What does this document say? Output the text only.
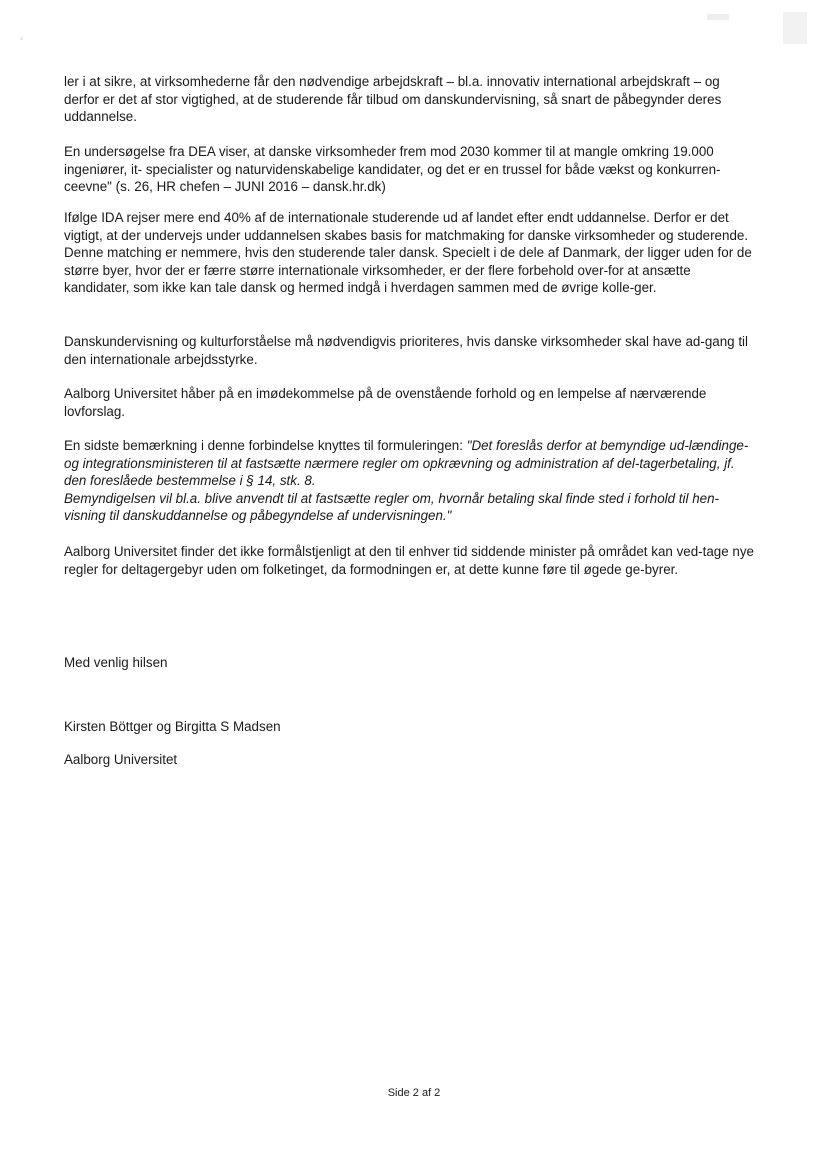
ler i at sikre, at virksomhederne får den nødvendige arbejdskraft – bl.a. innovativ international arbejdskraft – og derfor er det af stor vigtighed, at de studerende får tilbud om danskundervisning, så snart de påbegynder deres uddannelse.

En undersøgelse fra DEA viser, at danske virksomheder frem mod 2030 kommer til at mangle omkring 19.000 ingeniører, it- specialister og naturvidenskabelige kandidater, og det er en trussel for både vækst og konkurren-ceevne" (s. 26, HR chefen – JUNI 2016 – dansk.hr.dk)

Ifølge IDA rejser mere end 40% af de internationale studerende ud af landet efter endt uddannelse. Derfor er det vigtigt, at der undervejs under uddannelsen skabes basis for matchmaking for danske virksomheder og studerende. Denne matching er nemmere, hvis den studerende taler dansk. Specielt i de dele af Danmark, der ligger uden for de større byer, hvor der er færre større internationale virksomheder, er der flere forbehold over-for at ansætte kandidater, som ikke kan tale dansk og hermed indgå i hverdagen sammen med de øvrige kolle-ger.

Danskundervisning og kulturforståelse må nødvendigvis prioriteres, hvis danske virksomheder skal have ad-gang til den internationale arbejdsstyrke.

Aalborg Universitet håber på en imødekommelse på de ovenstående forhold og en lempelse af nærværende lovforslag.

En sidste bemærkning i denne forbindelse knyttes til formuleringen: "Det foreslås derfor at bemyndige ud-lændinge- og integrationsministeren til at fastsætte nærmere regler om opkrævning og administration af del-tagerbetaling, jf. den foreslåede bestemmelse i § 14, stk. 8.
Bemyndigelsen vil bl.a. blive anvendt til at fastsætte regler om, hvornår betaling skal finde sted i forhold til hen-visning til danskuddannelse og påbegyndelse af undervisningen."

Aalborg Universitet finder det ikke formålstjenligt at den til enhver tid siddende minister på området kan ved-tage nye regler for deltagergebyr uden om folketinget, da formodningen er, at dette kunne føre til øgede ge-byrer.

Med venlig hilsen

Kirsten Böttger og Birgitta S Madsen

Aalborg Universitet

Side 2 af 2
